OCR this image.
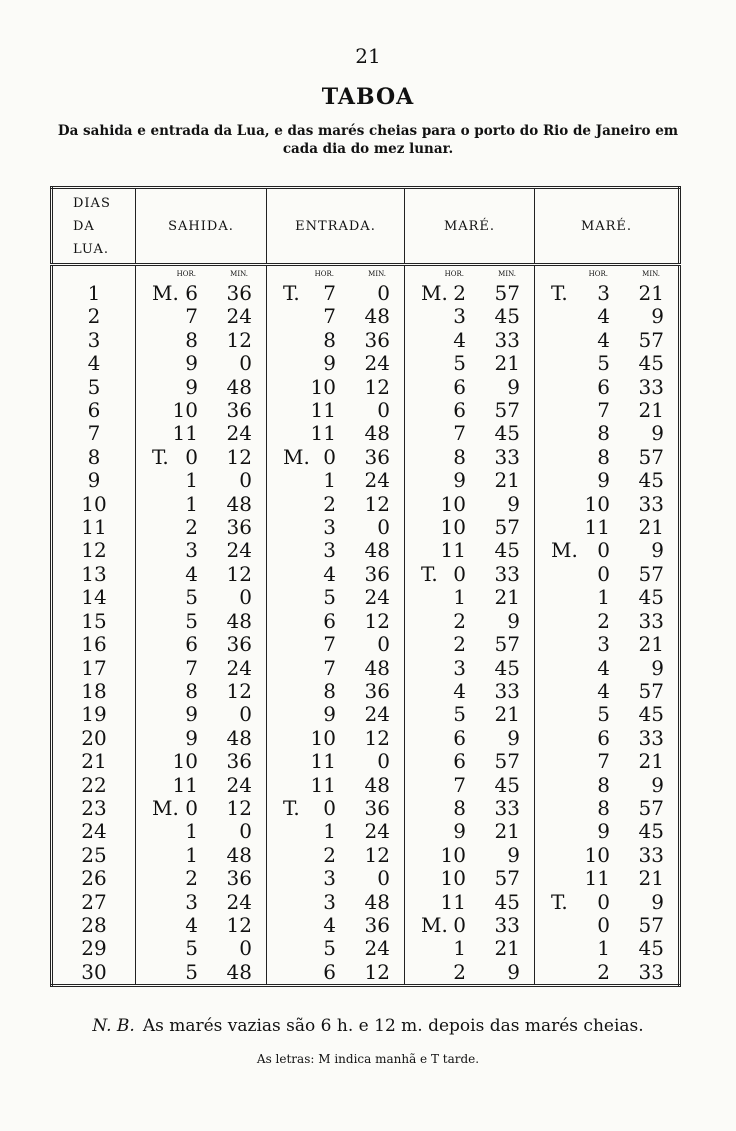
21
TABOA
Da sahida e entrada da Lua, e das marés cheias para o porto do Rio de Janeiro em cada dia do mez lunar.
DIAS
DA
LUA.	SAHIDA.	ENTRADA.	MARÉ.	MARÉ.

	HOR. MIN.	HOR. MIN.	HOR. MIN.	HOR. MIN.

1	M. 6 36	T. 7 0	M. 2 57	T. 3 21

2	7 24	7 48	3 45	4 9

3	8 12	8 36	4 33	4 57

4	9 0	9 24	5 21	5 45

5	9 48	10 12	6 9	6 33

6	10 36	11 0	6 57	7 21

7	11 24	11 48	7 45	8 9

8	T. 0 12	M. 0 36	8 33	8 57

9	1 0	1 24	9 21	9 45

10	1 48	2 12	10 9	10 33

11	2 36	3 0	10 57	11 21

12	3 24	3 48	11 45	M. 0 9

13	4 12	4 36	T. 0 33	0 57

14	5 0	5 24	1 21	1 45

15	5 48	6 12	2 9	2 33

16	6 36	7 0	2 57	3 21

17	7 24	7 48	3 45	4 9

18	8 12	8 36	4 33	4 57

19	9 0	9 24	5 21	5 45

20	9 48	10 12	6 9	6 33

21	10 36	11 0	6 57	7 21

22	11 24	11 48	7 45	8 9

23	M. 0 12	T. 0 36	8 33	8 57

24	1 0	1 24	9 21	9 45

25	1 48	2 12	10 9	10 33

26	2 36	3 0	10 57	11 21

27	3 24	3 48	11 45	T. 0 9

28	4 12	4 36	M. 0 33	0 57

29	5 0	5 24	1 21	1 45

30	5 48	6 12	2 9	2 33
N. B. As marés vazias são 6 h. e 12 m. depois das marés cheias.
As letras: M indica manhã e T tarde.
